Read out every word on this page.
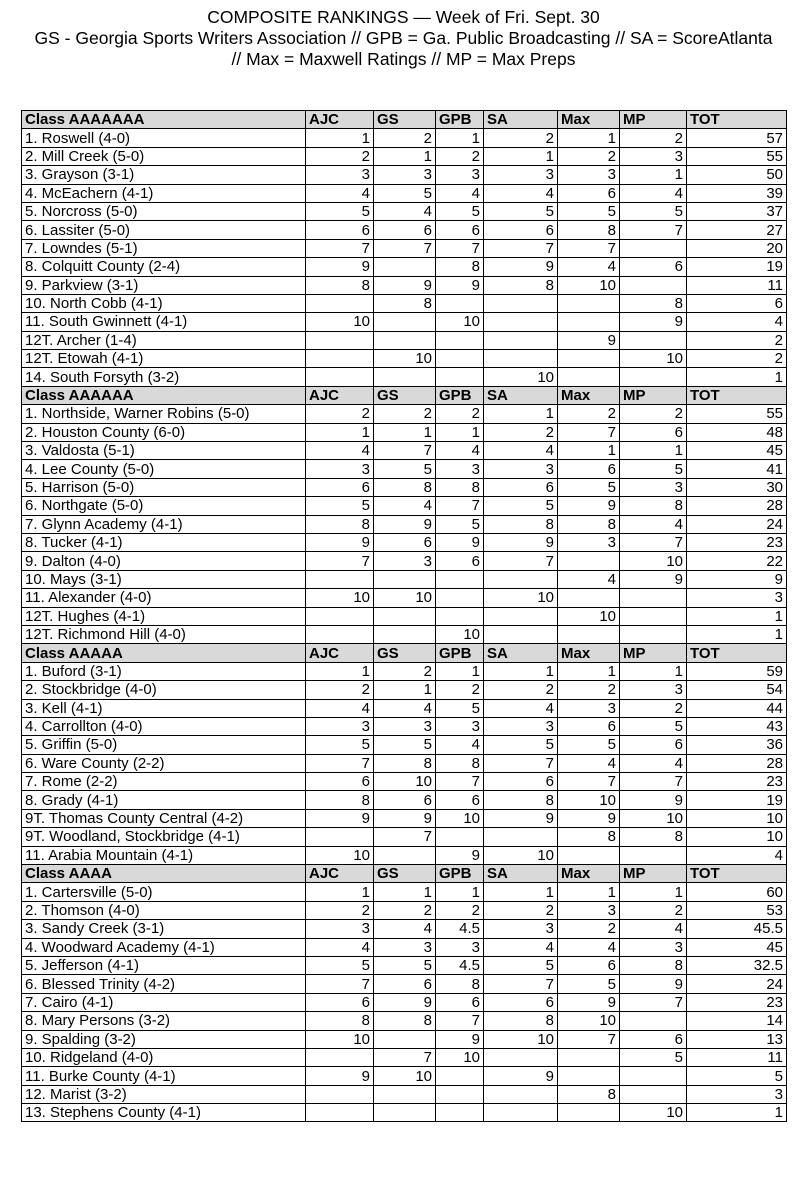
COMPOSITE RANKINGS — Week of Fri. Sept. 30
GS - Georgia Sports Writers Association // GPB = Ga. Public Broadcasting // SA = ScoreAtlanta
// Max = Maxwell Ratings // MP = Max Preps
Class AAAAAAA	AJC	GS	GPB	SA	Max	MP	TOT
1. Roswell (4-0)	1	2	1	2	1	2	57
2. Mill Creek (5-0)	2	1	2	1	2	3	55
3. Grayson (3-1)	3	3	3	3	3	1	50
4. McEachern (4-1)	4	5	4	4	6	4	39
5. Norcross (5-0)	5	4	5	5	5	5	37
6. Lassiter (5-0)	6	6	6	6	8	7	27
7. Lowndes (5-1)	7	7	7	7	7		20
8. Colquitt County (2-4)	9		8	9	4	6	19
9. Parkview (3-1)	8	9	9	8	10		11
10. North Cobb (4-1)		8				8	6
11. South Gwinnett (4-1)	10		10			9	4
12T. Archer (1-4)					9		2
12T. Etowah (4-1)		10				10	2
14. South Forsyth (3-2)				10			1
Class AAAAAA	AJC	GS	GPB	SA	Max	MP	TOT
1. Northside, Warner Robins (5-0)	2	2	2	1	2	2	55
2. Houston County (6-0)	1	1	1	2	7	6	48
3. Valdosta (5-1)	4	7	4	4	1	1	45
4. Lee County (5-0)	3	5	3	3	6	5	41
5. Harrison (5-0)	6	8	8	6	5	3	30
6. Northgate (5-0)	5	4	7	5	9	8	28
7. Glynn Academy (4-1)	8	9	5	8	8	4	24
8. Tucker (4-1)	9	6	9	9	3	7	23
9. Dalton (4-0)	7	3	6	7		10	22
10. Mays (3-1)					4	9	9
11. Alexander (4-0)	10	10		10			3
12T. Hughes (4-1)					10		1
12T. Richmond Hill (4-0)			10				1
Class AAAAA	AJC	GS	GPB	SA	Max	MP	TOT
1. Buford (3-1)	1	2	1	1	1	1	59
2. Stockbridge (4-0)	2	1	2	2	2	3	54
3. Kell (4-1)	4	4	5	4	3	2	44
4. Carrollton (4-0)	3	3	3	3	6	5	43
5. Griffin (5-0)	5	5	4	5	5	6	36
6. Ware County (2-2)	7	8	8	7	4	4	28
7. Rome (2-2)	6	10	7	6	7	7	23
8. Grady (4-1)	8	6	6	8	10	9	19
9T. Thomas County Central (4-2)	9	9	10	9	9	10	10
9T. Woodland, Stockbridge (4-1)		7			8	8	10
11. Arabia Mountain (4-1)	10		9	10			4
Class AAAA	AJC	GS	GPB	SA	Max	MP	TOT
1. Cartersville (5-0)	1	1	1	1	1	1	60
2. Thomson (4-0)	2	2	2	2	3	2	53
3. Sandy Creek (3-1)	3	4	4.5	3	2	4	45.5
4. Woodward Academy (4-1)	4	3	3	4	4	3	45
5. Jefferson (4-1)	5	5	4.5	5	6	8	32.5
6. Blessed Trinity (4-2)	7	6	8	7	5	9	24
7. Cairo (4-1)	6	9	6	6	9	7	23
8. Mary Persons (3-2)	8	8	7	8	10		14
9. Spalding (3-2)	10		9	10	7	6	13
10. Ridgeland (4-0)		7	10			5	11
11. Burke County (4-1)	9	10		9			5
12. Marist (3-2)					8		3
13. Stephens County (4-1)						10	1
